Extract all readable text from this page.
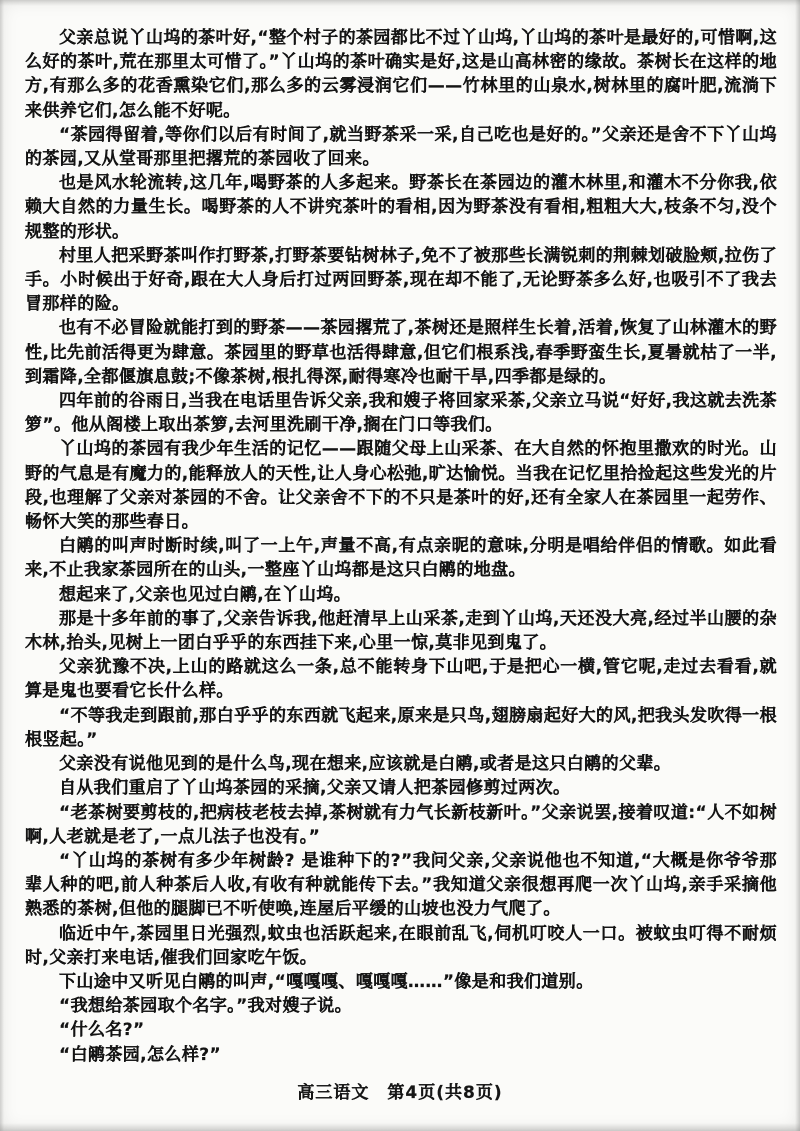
父亲总说丫山坞的茶叶好,“整个村子的茶园都比不过丫山坞,丫山坞的茶叶是最好的,可惜啊,这么好的茶叶,荒在那里太可惜了。”丫山坞的茶叶确实是好,这是山高林密的缘故。茶树长在这样的地方,有那么多的花香熏染它们,那么多的云雾浸润它们——竹林里的山泉水,树林里的腐叶肥,流淌下来供养它们,怎么能不好呢。

“茶园得留着,等你们以后有时间了,就当野茶采一采,自己吃也是好的。”父亲还是舍不下丫山坞的茶园,又从堂哥那里把撂荒的茶园收了回来。

也是风水轮流转,这几年,喝野茶的人多起来。野茶长在茶园边的灌木林里,和灌木不分你我,依赖大自然的力量生长。喝野茶的人不讲究茶叶的看相,因为野茶没有看相,粗粗大大,枝条不匀,没个规整的形状。

村里人把采野茶叫作打野茶,打野茶要钻树林子,免不了被那些长满锐刺的荆棘划破脸颊,拉伤了手。小时候出于好奇,跟在大人身后打过两回野茶,现在却不能了,无论野茶多么好,也吸引不了我去冒那样的险。

也有不必冒险就能打到的野茶——茶园撂荒了,茶树还是照样生长着,活着,恢复了山林灌木的野性,比先前活得更为肆意。茶园里的野草也活得肆意,但它们根系浅,春季野蛮生长,夏暑就枯了一半,到霜降,全都偃旗息鼓;不像茶树,根扎得深,耐得寒冷也耐干旱,四季都是绿的。

四年前的谷雨日,当我在电话里告诉父亲,我和嫂子将回家采茶,父亲立马说“好好,我这就去洗茶箩”。他从阁楼上取出茶箩,去河里洗刷干净,搁在门口等我们。

丫山坞的茶园有我少年生活的记忆——跟随父母上山采茶、在大自然的怀抱里撒欢的时光。山野的气息是有魔力的,能释放人的天性,让人身心松弛,旷达愉悦。当我在记忆里拾捡起这些发光的片段,也理解了父亲对茶园的不舍。让父亲舍不下的不只是茶叶的好,还有全家人在茶园里一起劳作、畅怀大笑的那些春日。

白鹇的叫声时断时续,叫了一上午,声量不高,有点亲昵的意味,分明是唱给伴侣的情歌。如此看来,不止我家茶园所在的山头,一整座丫山坞都是这只白鹇的地盘。

想起来了,父亲也见过白鹇,在丫山坞。

那是十多年前的事了,父亲告诉我,他赶清早上山采茶,走到丫山坞,天还没大亮,经过半山腰的杂木林,抬头,见树上一团白乎乎的东西挂下来,心里一惊,莫非见到鬼了。

父亲犹豫不决,上山的路就这么一条,总不能转身下山吧,于是把心一横,管它呢,走过去看看,就算是鬼也要看它长什么样。

“不等我走到跟前,那白乎乎的东西就飞起来,原来是只鸟,翅膀扇起好大的风,把我头发吹得一根根竖起。”

父亲没有说他见到的是什么鸟,现在想来,应该就是白鹇,或者是这只白鹇的父辈。

自从我们重启了丫山坞茶园的采摘,父亲又请人把茶园修剪过两次。

“老茶树要剪枝的,把病枝老枝去掉,茶树就有力气长新枝新叶。”父亲说罢,接着叹道:“人不如树啊,人老就是老了,一点儿法子也没有。”

“丫山坞的茶树有多少年树龄? 是谁种下的?”我问父亲,父亲说他也不知道,“大概是你爷爷那辈人种的吧,前人种茶后人收,有收有种就能传下去。”我知道父亲很想再爬一次丫山坞,亲手采摘他熟悉的茶树,但他的腿脚已不听使唤,连屋后平缓的山坡也没力气爬了。

临近中午,茶园里日光强烈,蚊虫也活跃起来,在眼前乱飞,伺机叮咬人一口。被蚊虫叮得不耐烦时,父亲打来电话,催我们回家吃午饭。

下山途中又听见白鹇的叫声,“嘎嘎嘎、嘎嘎嘎……”像是和我们道别。

“我想给茶园取个名字。”我对嫂子说。

“什么名?”

“白鹇茶园,怎么样?”

高三语文　第4页(共8页)
